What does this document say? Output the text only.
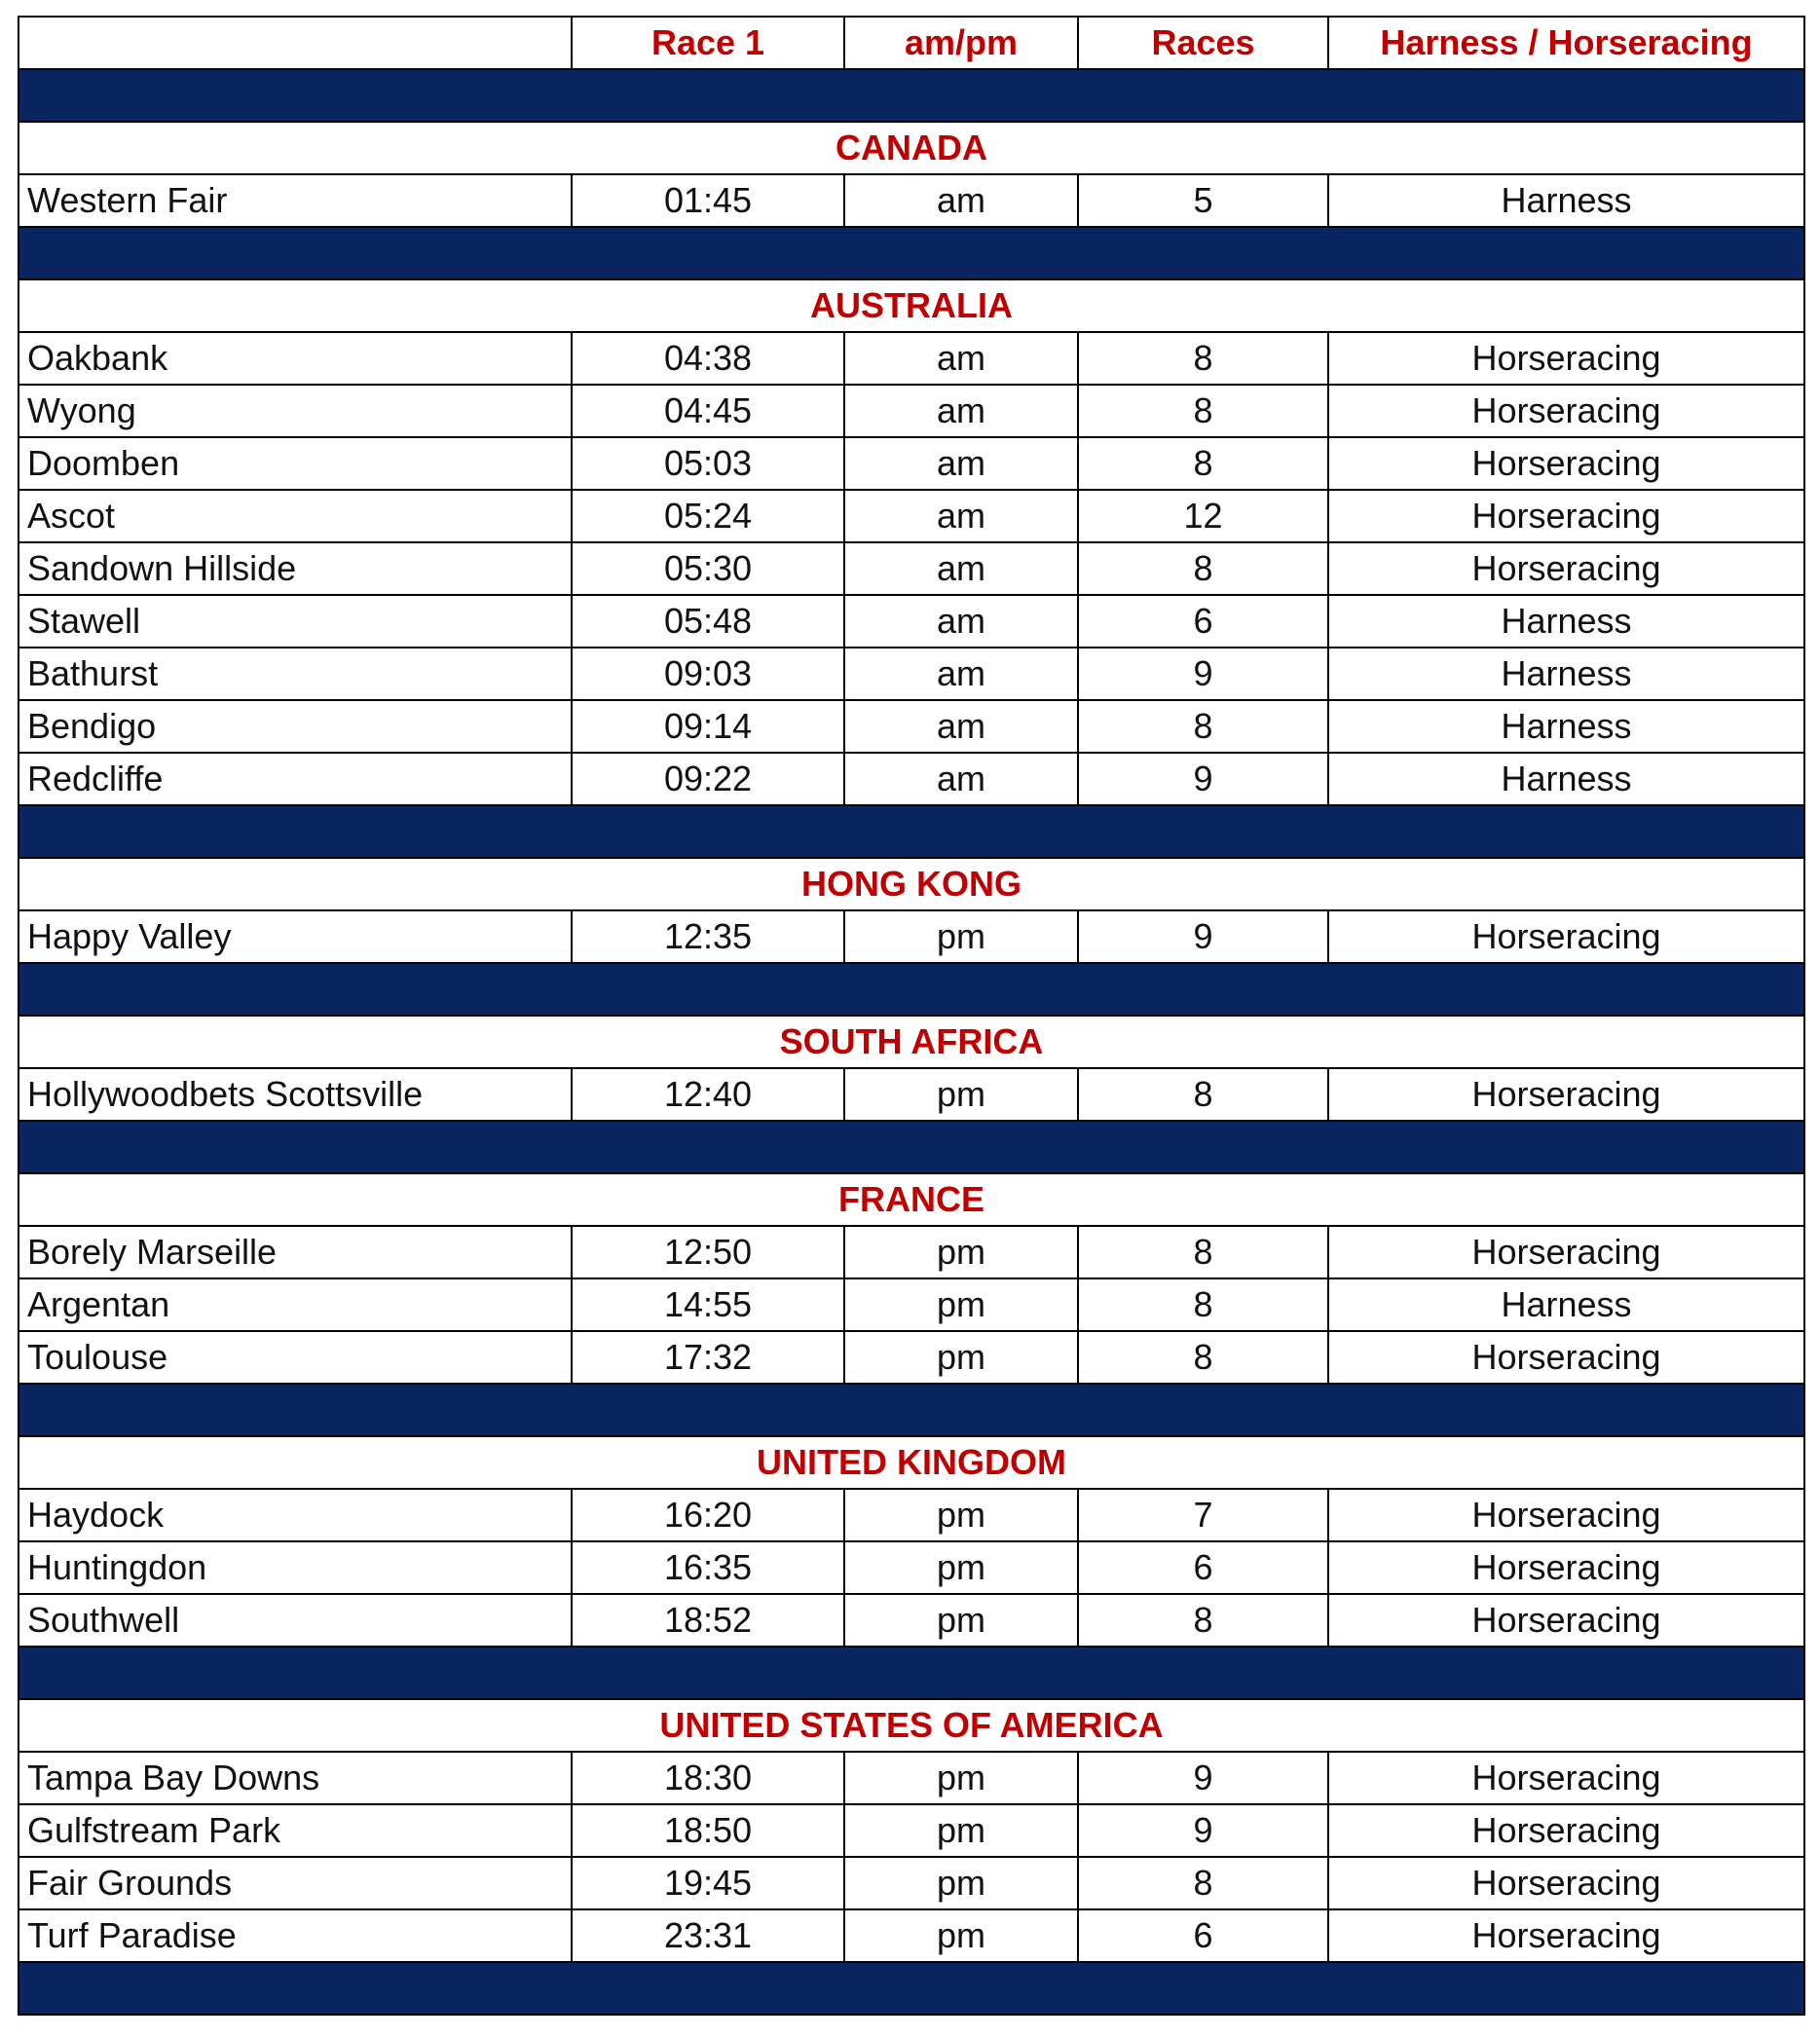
	Race 1	am/pm	Races	Harness / Horseracing

CANADA				
Western Fair	01:45	am	5	Harness

AUSTRALIA				
Oakbank	04:38	am	8	Horseracing
Wyong	04:45	am	8	Horseracing
Doomben	05:03	am	8	Horseracing
Ascot	05:24	am	12	Horseracing
Sandown Hillside	05:30	am	8	Horseracing
Stawell	05:48	am	6	Harness
Bathurst	09:03	am	9	Harness
Bendigo	09:14	am	8	Harness
Redcliffe	09:22	am	9	Harness

HONG KONG				
Happy Valley	12:35	pm	9	Horseracing

SOUTH AFRICA				
Hollywoodbets Scottsville	12:40	pm	8	Horseracing

FRANCE				
Borely Marseille	12:50	pm	8	Horseracing
Argentan	14:55	pm	8	Harness
Toulouse	17:32	pm	8	Horseracing

UNITED KINGDOM				
Haydock	16:20	pm	7	Horseracing
Huntingdon	16:35	pm	6	Horseracing
Southwell	18:52	pm	8	Horseracing

UNITED STATES OF AMERICA				
Tampa Bay Downs	18:30	pm	9	Horseracing
Gulfstream Park	18:50	pm	9	Horseracing
Fair Grounds	19:45	pm	8	Horseracing
Turf Paradise	23:31	pm	6	Horseracing
